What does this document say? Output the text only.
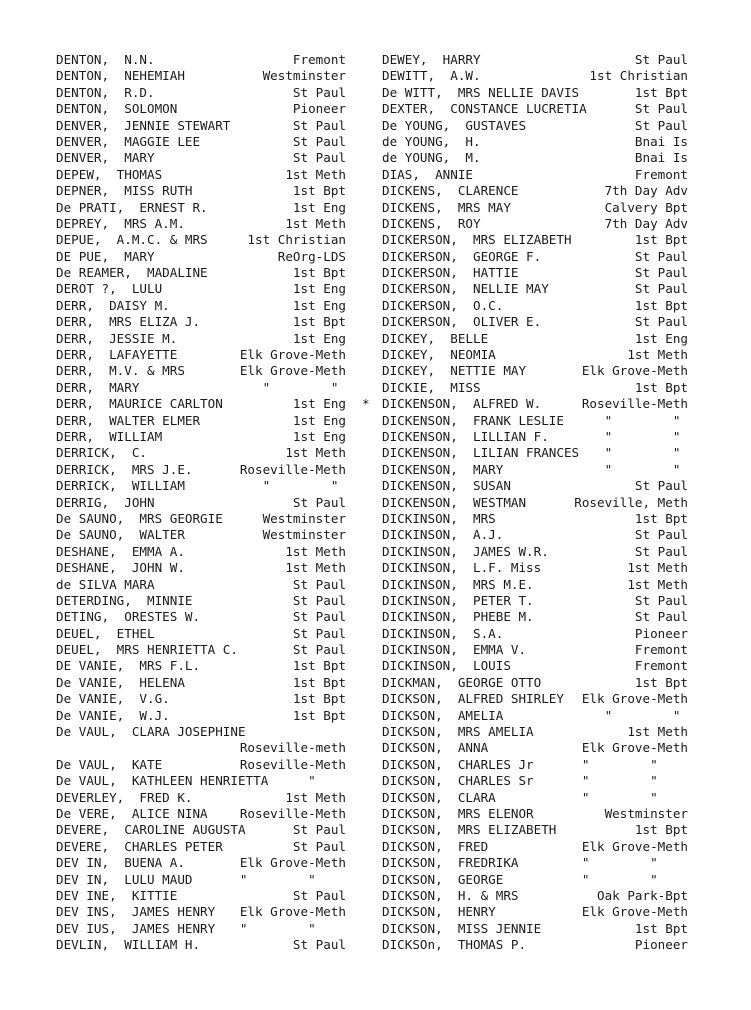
DENTON,  N.N.	Fremont
DENTON,  NEHEMIAH	Westminster
DENTON,  R.D.	St Paul
DENTON,  SOLOMON	Pioneer
DENVER,  JENNIE STEWART	St Paul
DENVER,  MAGGIE LEE	St Paul
DENVER,  MARY	St Paul
DEPEW,  THOMAS	1st Meth
DEPNER,  MISS RUTH	1st Bpt
De PRATI,  ERNEST R.	1st Eng
DEPREY,  MRS A.M.	1st Meth
DEPUE,  A.M.C. & MRS	1st Christian
DE PUE,  MARY	ReOrg-LDS
De REAMER,  MADALINE	1st Bpt
DEROT ?,  LULU	1st Eng
DERR,  DAISY M.	1st Eng
DERR,  MRS ELIZA J.	1st Bpt
DERR,  JESSIE M.	1st Eng
DERR,  LAFAYETTE	Elk Grove-Meth
DERR,  M.V. & MRS	Elk Grove-Meth
DERR,  MARY	"        "
DERR,  MAURICE CARLTON	1st Eng
DERR,  WALTER ELMER	1st Eng
DERR,  WILLIAM	1st Eng
DERRICK,  C.	1st Meth
DERRICK,  MRS J.E.	Roseville-Meth
DERRICK,  WILLIAM	"        "
DERRIG,  JOHN	St Paul
De SAUNO,  MRS GEORGIE	Westminster
De SAUNO,  WALTER	Westminster
DESHANE,  EMMA A.	1st Meth
DESHANE,  JOHN W.	1st Meth
de SILVA MARA	St Paul
DETERDING,  MINNIE	St Paul
DETING,  ORESTES W.	St Paul
DEUEL,  ETHEL	St Paul
DEUEL,  MRS HENRIETTA C.	St Paul
DE VANIE,  MRS F.L.	1st Bpt
De VANIE,  HELENA	1st Bpt
De VANIE,  V.G.	1st Bpt
De VANIE,  W.J.	1st Bpt
De VAUL,  CLARA JOSEPHINE
Roseville-meth
De VAUL,  KATE	Roseville-Meth
De VAUL,  KATHLEEN HENRIETTA	"
DEVERLEY,  FRED K.	1st Meth
De VERE,  ALICE NINA	Roseville-Meth
DEVERE,  CAROLINE AUGUSTA	St Paul
DEVERE,  CHARLES PETER	St Paul
DEV IN,  BUENA A.	Elk Grove-Meth
DEV IN,  LULU MAUD	"        "
DEV INE,  KITTIE	St Paul
DEV INS,  JAMES HENRY Elk Grove-Meth
DEV IUS,  JAMES HENRY "        "
DEVLIN,  WILLIAM H.	St Paul
DEWEY,  HARRY	St Paul
DEWITT,  A.W.	1st Christian
De WITT,  MRS NELLIE DAVIS	1st Bpt
DEXTER,  CONSTANCE LUCRETIA	St Paul
De YOUNG,  GUSTAVES	St Paul
de YOUNG,  H.	Bnai Is
de YOUNG,  M.	Bnai Is
DIAS,  ANNIE	Fremont
DICKENS,  CLARENCE	7th Day Adv
DICKENS,  MRS MAY	Calvery Bpt
DICKENS,  ROY	7th Day Adv
DICKERSON,  MRS ELIZABETH	1st Bpt
DICKERSON,  GEORGE F.	St Paul
DICKERSON,  HATTIE	St Paul
DICKERSON,  NELLIE MAY	St Paul
DICKERSON,  O.C.	1st Bpt
DICKERSON,  OLIVER E.	St Paul
DICKEY,  BELLE	1st Eng
DICKEY,  NEOMIA	1st Meth
DICKEY,  NETTIE MAY	Elk Grove-Meth
DICKIE,  MISS	1st Bpt
* DICKENSON,  ALFRED W.	Roseville-Meth
DICKENSON,  FRANK LESLIE	"        "
DICKENSON,  LILLIAN F.	"        "
DICKENSON,  LILIAN FRANCES "        "
DICKENSON,  MARY	"        "
DICKENSON,  SUSAN	St Paul
DICKENSON,  WESTMAN	Roseville, Meth
DICKINSON,  MRS	1st Bpt
DICKINSON,  A.J.	St Paul
DICKINSON,  JAMES W.R.	St Paul
DICKINSON,  L.F. Miss	1st Meth
DICKINSON,  MRS M.E.	1st Meth
DICKINSON,  PETER T.	St Paul
DICKINSON,  PHEBE M.	St Paul
DICKINSON,  S.A.	Pioneer
DICKINSON,  EMMA V.	Fremont
DICKINSON,  LOUIS	Fremont
DICKMAN,  GEORGE OTTO	1st Bpt
DICKSON,  ALFRED SHIRLEY Elk Grove-Meth
DICKSON,  AMELIA	"        "
DICKSON,  MRS AMELIA	1st Meth
DICKSON,  ANNA	Elk Grove-Meth
DICKSON,  CHARLES Jr	"        "
DICKSON,  CHARLES Sr	"        "
DICKSON,  CLARA	"        "
DICKSON,  MRS ELENOR	Westminster
DICKSON,  MRS ELIZABETH	1st Bpt
DICKSON,  FRED	Elk Grove-Meth
DICKSON,  FREDRIKA	"        "
DICKSON,  GEORGE	"        "
DICKSON,  H. & MRS	Oak Park-Bpt
DICKSON,  HENRY	Elk Grove-Meth
DICKSON,  MISS JENNIE	1st Bpt
DICKSOn,  THOMAS P.	Pioneer
